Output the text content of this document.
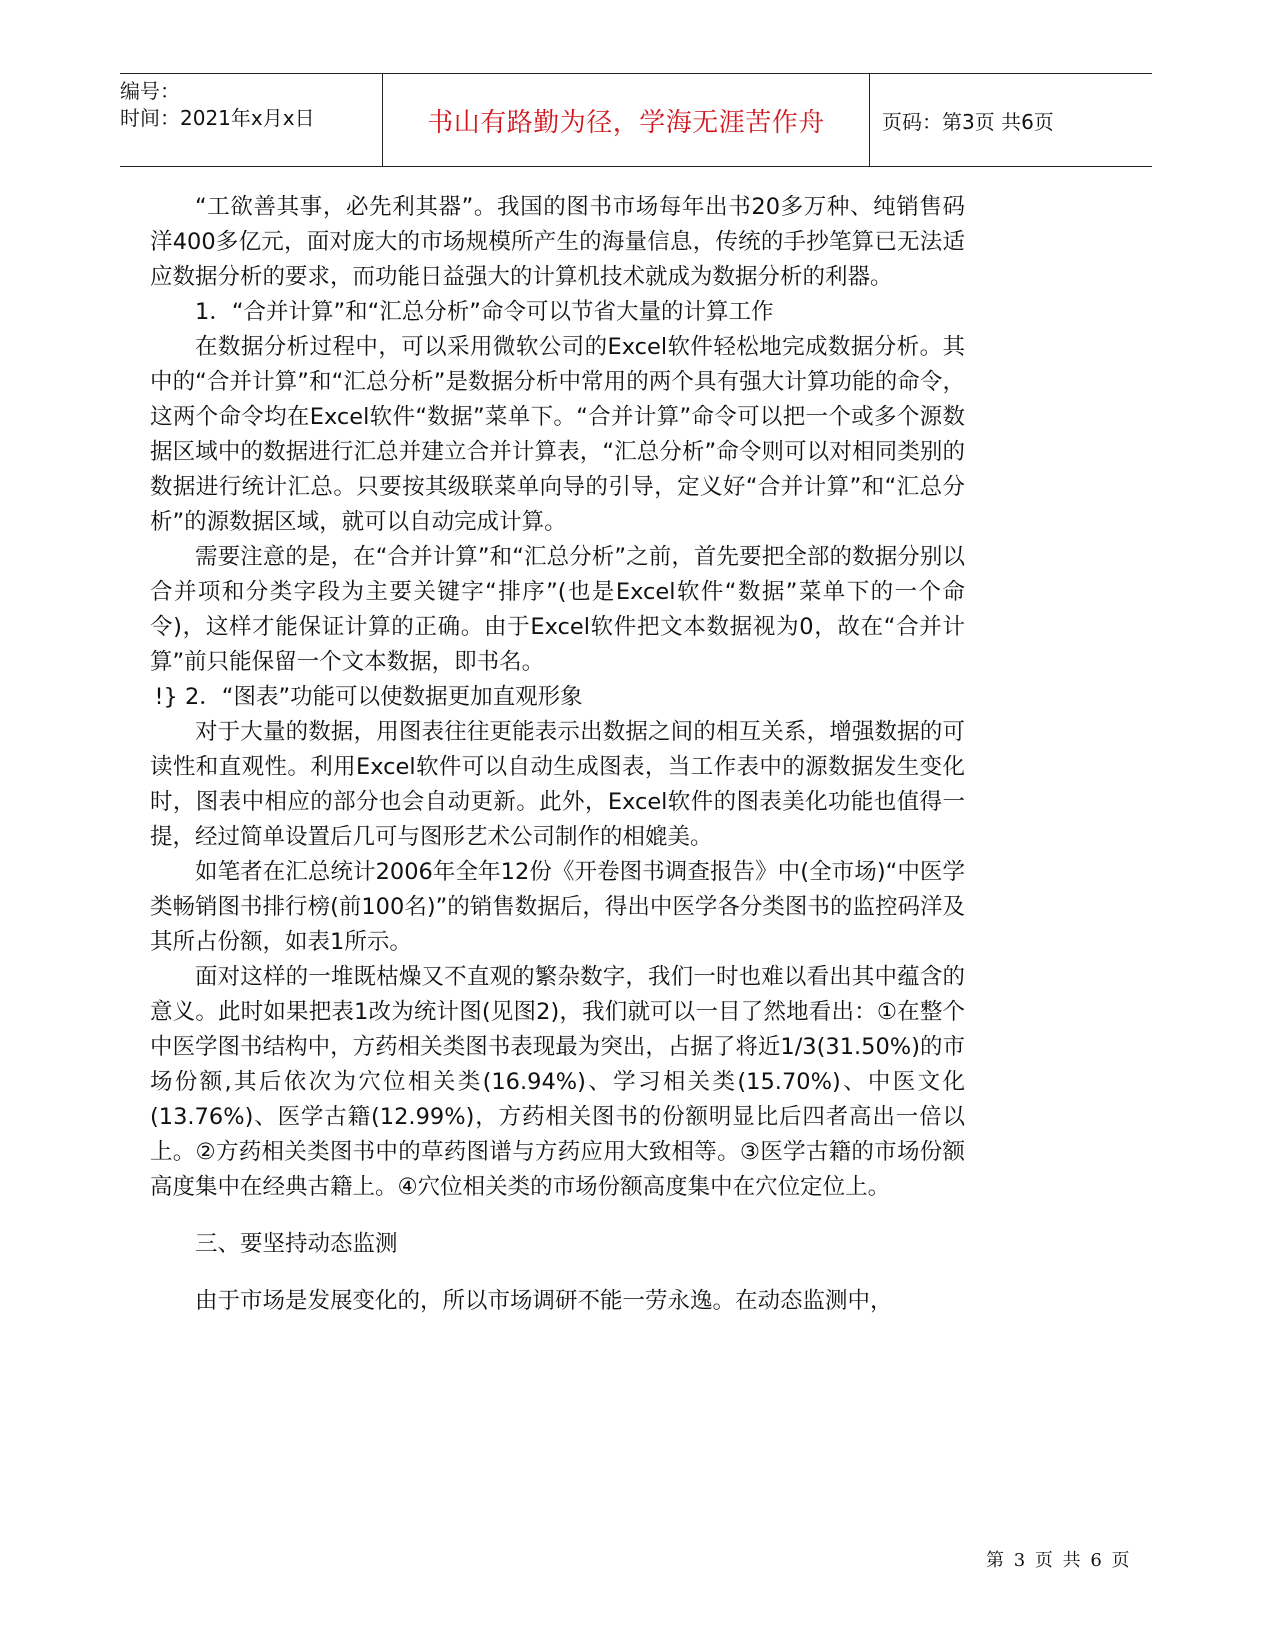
编号：
时间：2021年x月x日	书山有路勤为径，学海无涯苦作舟	页码：第3页 共6页

“工欲善其事，必先利其器”。我国的图书市场每年出书20多万种、纯销售码洋400多亿元，面对庞大的市场规模所产生的海量信息，传统的手抄笔算已无法适应数据分析的要求，而功能日益强大的计算机技术就成为数据分析的利器。

1．“合并计算”和“汇总分析”命令可以节省大量的计算工作

在数据分析过程中，可以采用微软公司的Excel软件轻松地完成数据分析。其中的“合并计算”和“汇总分析”是数据分析中常用的两个具有强大计算功能的命令，这两个命令均在Excel软件“数据”菜单下。“合并计算”命令可以把一个或多个源数据区域中的数据进行汇总并建立合并计算表，“汇总分析”命令则可以对相同类别的数据进行统计汇总。只要按其级联菜单向导的引导，定义好“合并计算”和“汇总分析”的源数据区域，就可以自动完成计算。

需要注意的是，在“合并计算”和“汇总分析”之前，首先要把全部的数据分别以合并项和分类字段为主要关键字“排序”(也是Excel软件“数据”菜单下的一个命令)，这样才能保证计算的正确。由于Excel软件把文本数据视为0，故在“合并计算”前只能保留一个文本数据，即书名。

!} 2．“图表”功能可以使数据更加直观形象

对于大量的数据，用图表往往更能表示出数据之间的相互关系，增强数据的可读性和直观性。利用Excel软件可以自动生成图表，当工作表中的源数据发生变化时，图表中相应的部分也会自动更新。此外，Excel软件的图表美化功能也值得一提，经过简单设置后几可与图形艺术公司制作的相媲美。

如笔者在汇总统计2006年全年12份《开卷图书调查报告》中(全市场)“中医学类畅销图书排行榜(前100名)”的销售数据后，得出中医学各分类图书的监控码洋及其所占份额，如表1所示。

面对这样的一堆既枯燥又不直观的繁杂数字，我们一时也难以看出其中蕴含的意义。此时如果把表1改为统计图(见图2)，我们就可以一目了然地看出：①在整个中医学图书结构中，方药相关类图书表现最为突出，占据了将近1/3(31.50%)的市场份额,其后依次为穴位相关类(16.94%)、学习相关类(15.70%)、中医文化(13.76%)、医学古籍(12.99%)，方药相关图书的份额明显比后四者高出一倍以上。②方药相关类图书中的草药图谱与方药应用大致相等。③医学古籍的市场份额高度集中在经典古籍上。④穴位相关类的市场份额高度集中在穴位定位上。

三、要坚持动态监测

由于市场是发展变化的，所以市场调研不能一劳永逸。在动态监测中，

第 3 页 共 6 页
